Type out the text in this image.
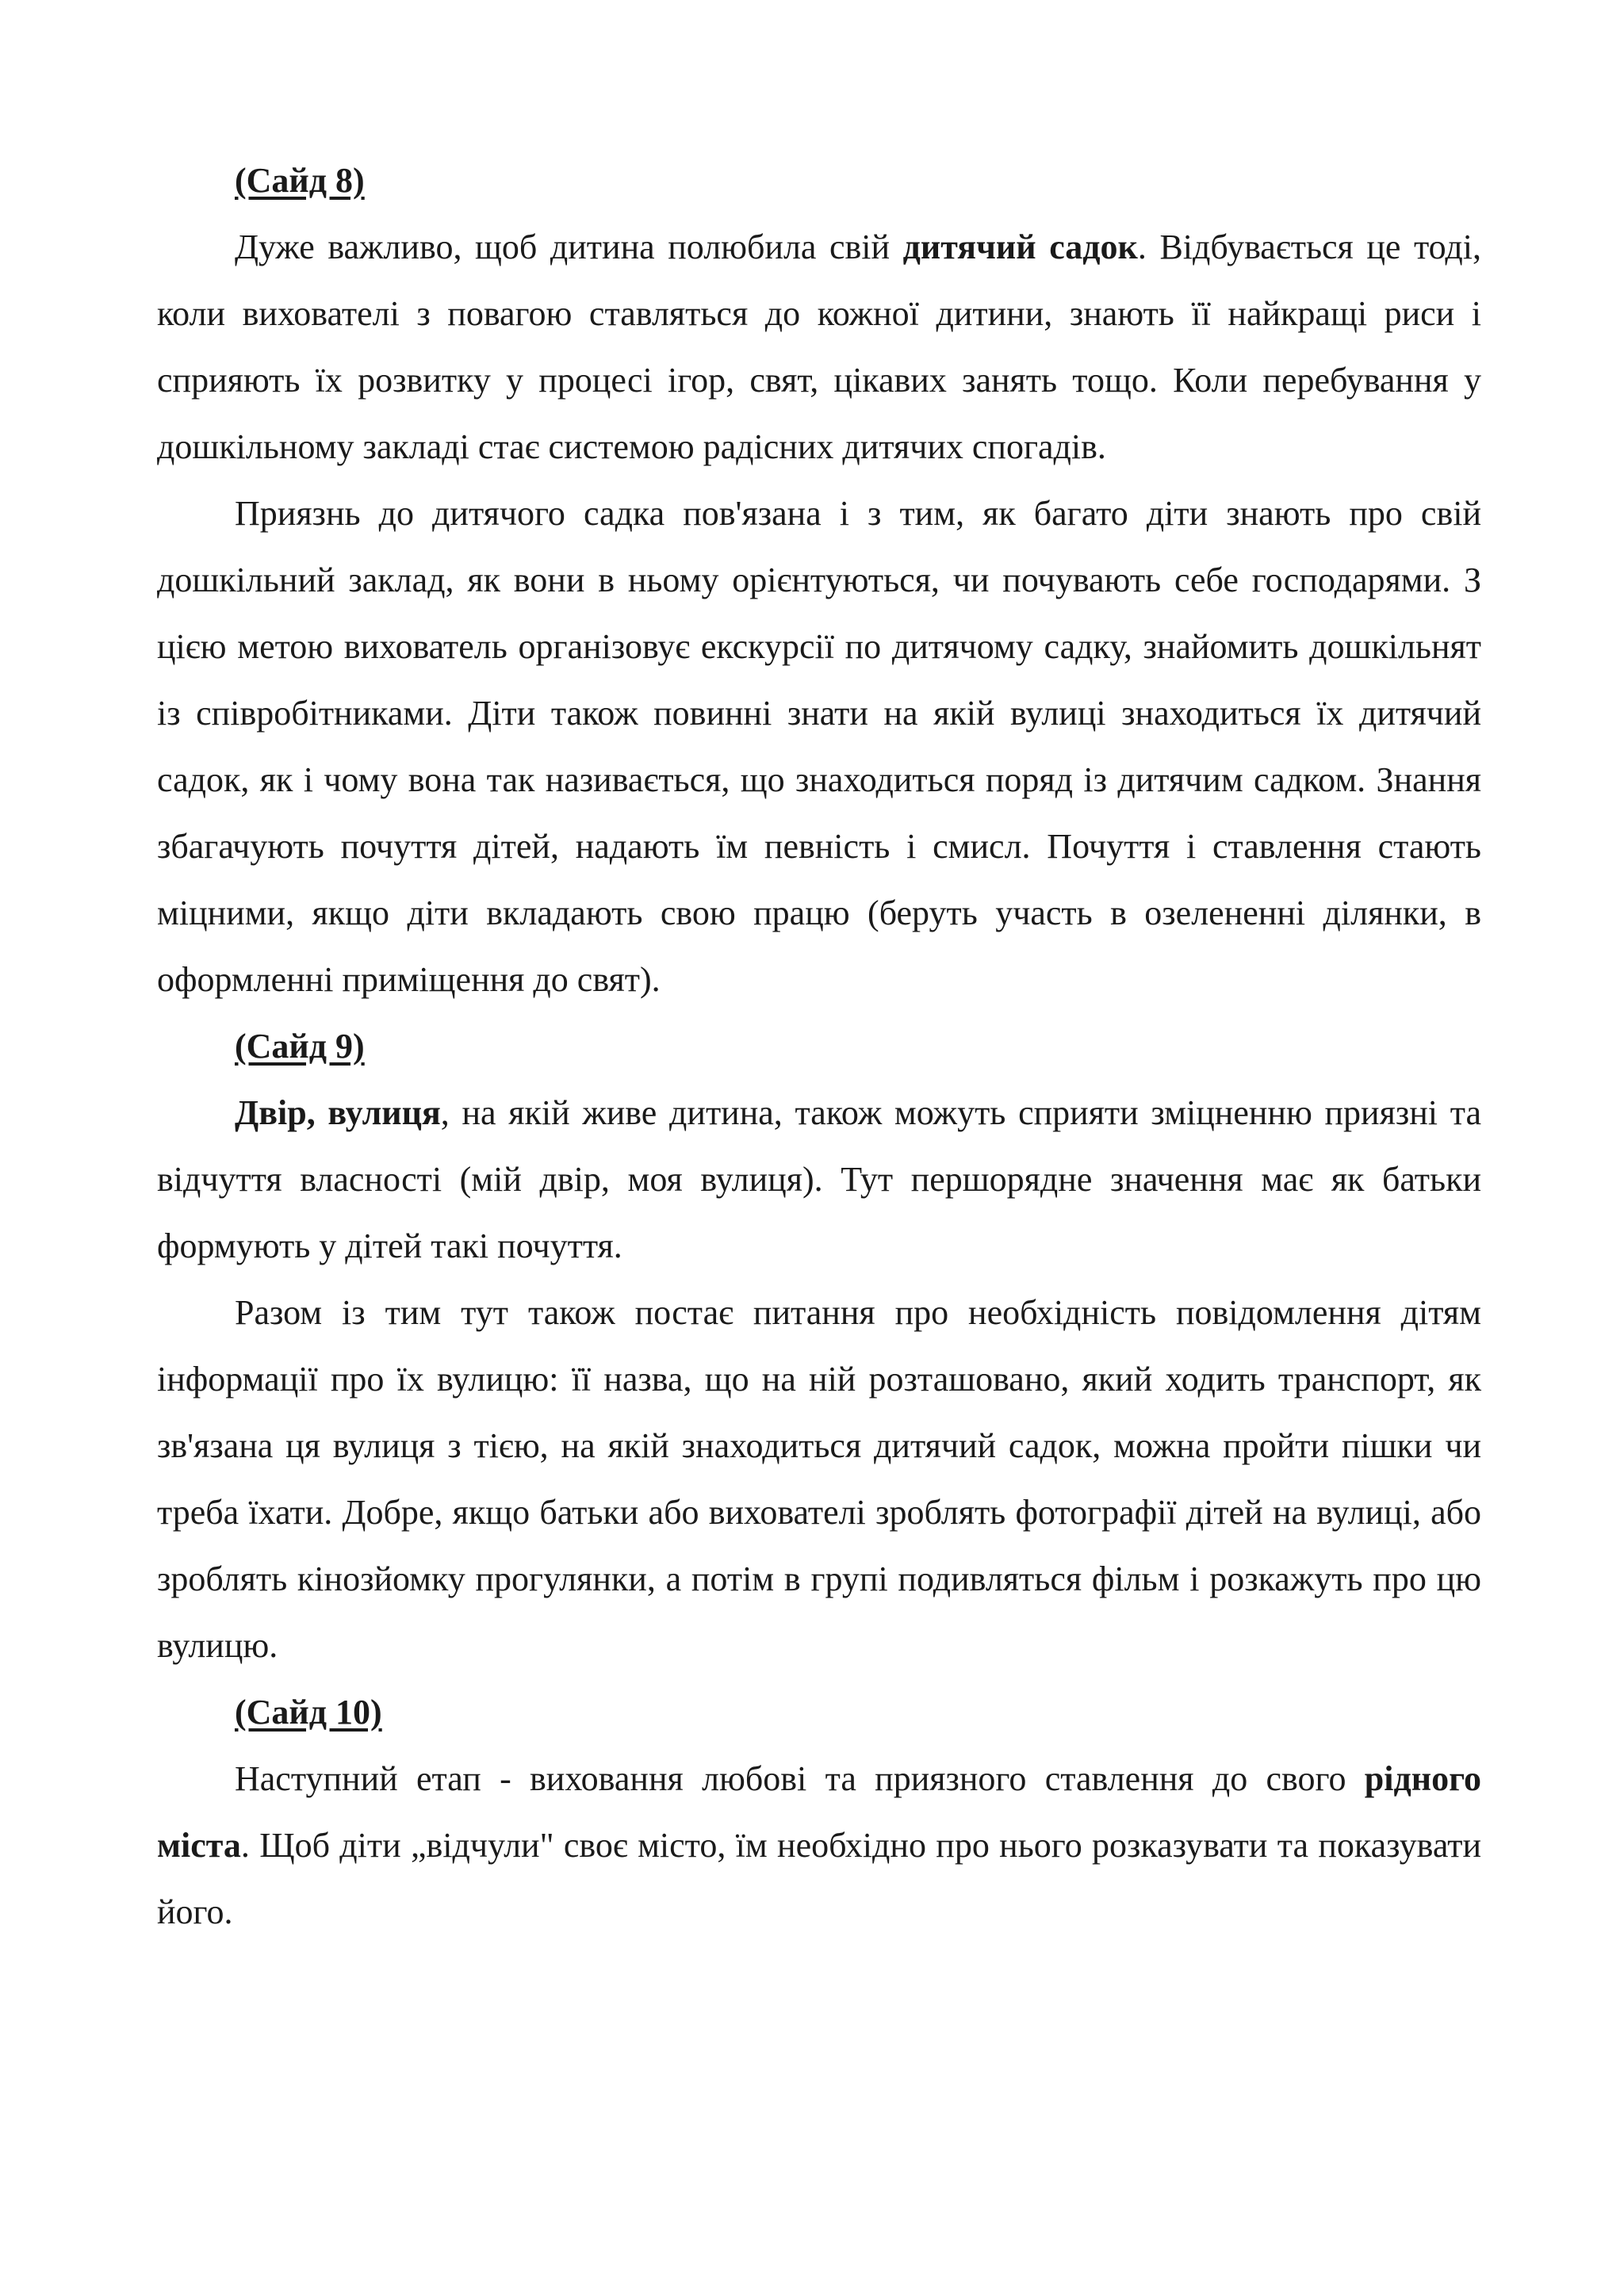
(Сайд 8)

Дуже важливо, щоб дитина полюбила свій дитячий садок. Відбувається це тоді, коли вихователі з повагою ставляться до кожної дитини, знають її найкращі риси і сприяють їх розвитку у процесі ігор, свят, цікавих занять тощо. Коли перебування у дошкільному закладі стає системою радісних дитячих спогадів.

Приязнь до дитячого садка пов'язана і з тим, як багато діти знають про свій дошкільний заклад, як вони в ньому орієнтуються, чи почувають себе господарями. З цією метою вихователь організовує екскурсії по дитячому садку, знайомить дошкільнят із співробітниками. Діти також повинні знати на якій вулиці знаходиться їх дитячий садок, як і чому вона так називається, що знаходиться поряд із дитячим садком. Знання збагачують почуття дітей, надають їм певність і смисл. Почуття і ставлення стають міцними, якщо діти вкладають свою працю (беруть участь в озелененні ділянки, в оформленні приміщення до свят).

(Сайд 9)

Двір, вулиця, на якій живе дитина, також можуть сприяти зміцненню приязні та відчуття власності (мій двір, моя вулиця). Тут першорядне значення має як батьки формують у дітей такі почуття.

Разом із тим тут також постає питання про необхідність повідомлення дітям інформації про їх вулицю: її назва, що на ній розташовано, який ходить транспорт, як зв'язана ця вулиця з тією, на якій знаходиться дитячий садок, можна пройти пішки чи треба їхати. Добре, якщо батьки або вихователі зроблять фотографії дітей на вулиці, або зроблять кінозйомку прогулянки, а потім в групі подивляться фільм і розкажуть про цю вулицю.

(Сайд 10)

Наступний етап - виховання любові та приязного ставлення до свого рідного міста. Щоб діти „відчули" своє місто, їм необхідно про нього розказувати та показувати його.
